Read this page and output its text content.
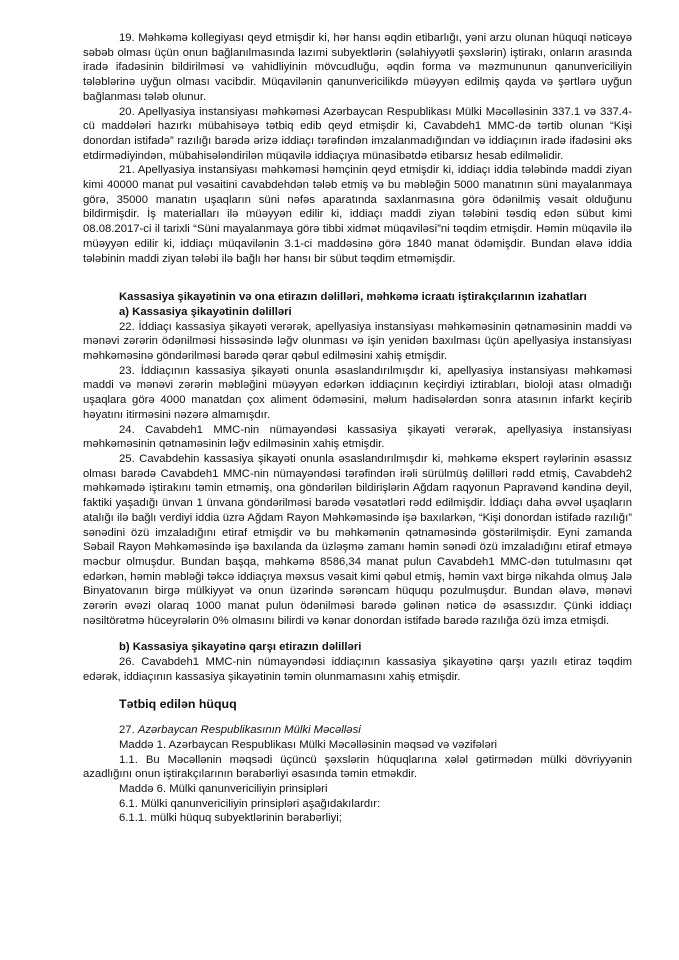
19. Məhkəmə kollegiyası qeyd etmişdir ki, hər hansı əqdin etibarlığı, yəni arzu olunan hüquqi nəticəyə səbəb olması üçün onun bağlanılmasında lazımi subyektlərin (səlahiyyətli şəxslərin) iştirakı, onların arasında iradə ifadəsinin bildirilməsi və vahidliyinin mövcudluğu, əqdin forma və məzmununun qanunvericiliyin tələblərinə uyğun olması vacibdir. Müqavilənin qanunvericilikdə müəyyən edilmiş qayda və şərtlərə uyğun bağlanması tələb olunur.

20. Apellyasiya instansiyası məhkəməsi Azərbaycan Respublikası Mülki Məcəlləsinin 337.1 və 337.4-cü maddələri hazırkı mübahisəyə tətbiq edib qeyd etmişdir ki, Cavabdeh1 MMC-də tərtib olunan “Kişi donordan istifadə” razılığı barədə ərizə iddiaçı tərəfindən imzalanmadığından və iddiaçının iradə ifadəsini əks etdirmədiyindən, mübahisələndirilən müqavilə iddiaçıya münasibətdə etibarsız hesab edilməlidir.

21. Apellyasiya instansiyası məhkəməsi həmçinin qeyd etmişdir ki, iddiaçı iddia tələbində maddi ziyan kimi 40000 manat pul vəsaitini cavabdehdən tələb etmiş və bu məbləğin 5000 manatının süni mayalanmaya görə, 35000 manatın uşaqların süni nəfəs aparatında saxlanmasına görə ödənilmiş vəsait olduğunu bildirmişdir. İş materialları ilə müəyyən edilir ki, iddiaçı maddi ziyan tələbini təsdiq edən sübut kimi 08.08.2017-ci il tarixli “Süni mayalanmaya görə tibbi xidmət müqaviləsi”ni təqdim etmişdir. Həmin müqavilə ilə müəyyən edilir ki, iddiaçı müqavilənin 3.1-ci maddəsinə görə 1840 manat ödəmişdir. Bundan əlavə iddia tələbinin maddi ziyan tələbi ilə bağlı hər hansı bir sübut təqdim etməmişdir.

Kassasiya şikayətinin və ona etirazın dəlilləri, məhkəmə icraatı iştirakçılarının izahatları

a) Kassasiya şikayətinin dəlilləri

22. İddiaçı kassasiya şikayəti verərək, apellyasiya instansiyası məhkəməsinin qətnaməsinin maddi və mənəvi zərərin ödənilməsi hissəsində ləğv olunması və işin yenidən baxılması üçün apellyasiya instansiyası məhkəməsinə göndərilməsi barədə qərar qəbul edilməsini xahiş etmişdir.

23. İddiaçının kassasiya şikayəti onunla əsaslandırılmışdır ki, apellyasiya instansiyası məhkəməsi maddi və mənəvi zərərin məbləğini müəyyən edərkən iddiaçının keçirdiyi iztirabları, bioloji atası olmadığı uşaqlara görə 4000 manatdan çox aliment ödəməsini, məlum hadisələrdən sonra atasının infarkt keçirib həyatını itirməsini nəzərə almamışdır.

24. Cavabdeh1 MMC-nin nümayəndəsi kassasiya şikayəti verərək, apellyasiya instansiyası məhkəməsinin qətnaməsinin ləğv edilməsinin xahiş etmişdir.

25. Cavabdehin kassasiya şikayəti onunla əsaslandırılmışdır ki, məhkəmə ekspert rəylərinin əsassız olması barədə Cavabdeh1 MMC-nin nümayəndəsi tərəfindən irəli sürülmüş dəlilləri rədd etmiş, Cavabdeh2 məhkəmədə iştirakını təmin etməmiş, ona göndərilən bildirişlərin Ağdam raqyonun Papravənd kəndinə deyil, faktiki yaşadığı ünvan 1 ünvana göndərilməsi barədə vəsatətləri rədd edilmişdir. İddiaçı daha əvvəl uşaqların atalığı ilə bağlı verdiyi iddia üzrə Ağdam Rayon Məhkəməsində işə baxılarkən, “Kişi donordan istifadə razılığı” sənədini özü imzaladığını etiraf etmişdir və bu məhkəmənin qətnaməsində göstərilmişdir. Eyni zamanda Səbail Rayon Məhkəməsində işə baxılanda da üzləşmə zamanı həmin sənədi özü imzaladığını etiraf etməyə məcbur olmuşdur. Bundan başqa, məhkəmə 8586,34 manat pulun Cavabdeh1 MMC-dən tutulmasını qət edərkən, həmin məbləği təkcə iddiaçıya məxsus vəsait kimi qəbul etmiş, həmin vaxt birgə nikahda olmuş Jalə Binyatovanın birgə mülkiyyət və onun üzərində sərəncam hüququ pozulmuşdur. Bundan əlavə, mənəvi zərərin əvəzi olaraq 1000 manat pulun ödənilməsi barədə gəlinən nəticə də əsassızdır. Çünki iddiaçı nəsiltörətmə hüceyrələrin 0% olmasını bilirdi və kənar donordan istifadə barədə razılığa özü imza etmişdi.

b) Kassasiya şikayətinə qarşı etirazın dəlilləri

26. Cavabdeh1 MMC-nin nümayəndəsi iddiaçının kassasiya şikayətinə qarşı yazılı etiraz təqdim edərək, iddiaçının kassasiya şikayətinin təmin olunmamasını xahiş etmişdir.

Tətbiq edilən hüquq

27. Azərbaycan Respublikasının Mülki Məcəlləsi

Maddə 1. Azərbaycan Respublikası Mülki Məcəlləsinin məqsəd və vəzifələri

1.1. Bu Məcəllənin məqsədi üçüncü şəxslərin hüquqlarına xələl gətirmədən mülki dövriyyənin azadlığını onun iştirakçılarının bərabərliyi əsasında təmin etməkdir.

Maddə 6. Mülki qanunvericiliyin prinsipləri

6.1. Mülki qanunvericiliyin prinsipləri aşağıdakılardır:

6.1.1. mülki hüquq subyektlərinin bərabərliyi;
